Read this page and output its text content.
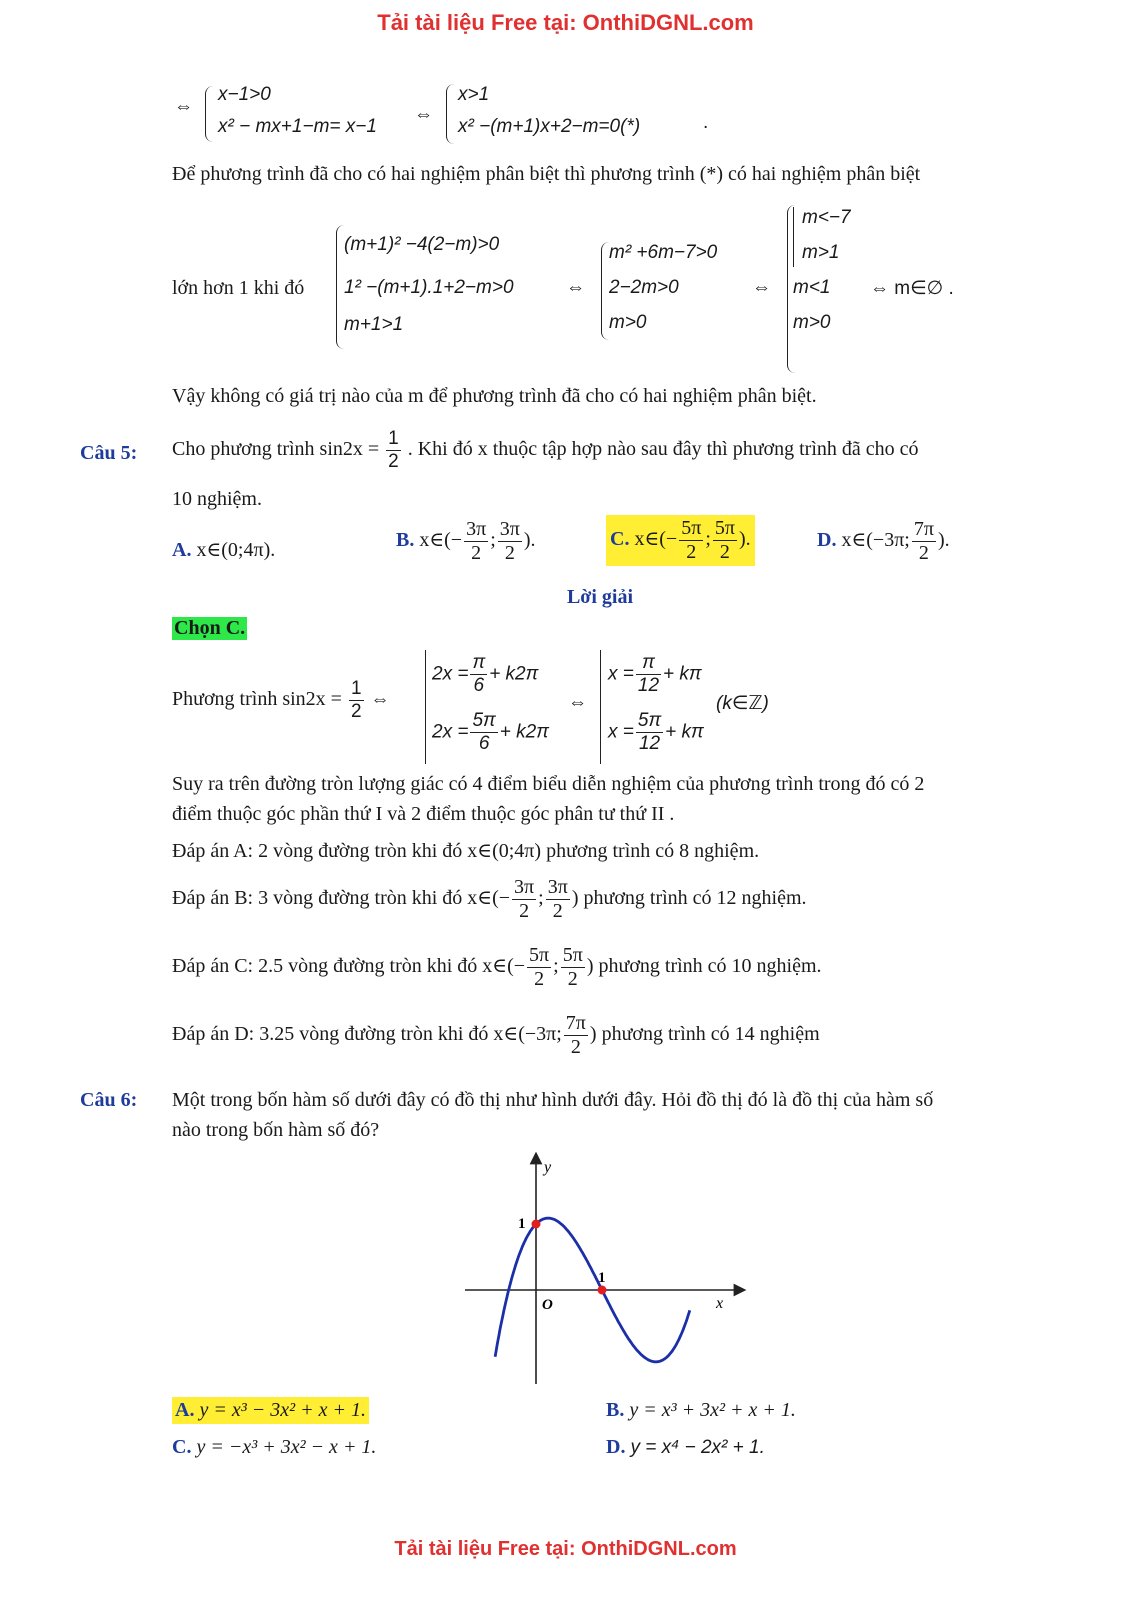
Tải tài liệu Free tại: OnthiDGNL.com
⇔
x−1>0
x² − mx+1−m= x−1
⇔
x>1
x² −(m+1)x+2−m=0(*)	.
Để phương trình đã cho có hai nghiệm phân biệt thì phương trình (*) có hai nghiệm phân biệt
lớn hơn 1 khi đó
(m+1)² −4(2−m)>0
1² −(m+1).1+2−m>0
m+1>1
⇔
m² +6m−7>0
2−2m>0
m>0
⇔
m<−7
m>1
m<1
m>0
⇔ m∈∅ .
Vậy không có giá trị nào của m để phương trình đã cho có hai nghiệm phân biệt.
Câu 5: Cho phương trình $\sin 2x = \frac{1}{2}$ . Khi đó x thuộc tập hợp nào sau đây thì phương trình đã cho có
10 nghiệm.
A. x∈(0;4π).	B. x∈(− $\frac{3\pi}{2}$ ; $\frac{3\pi}{2}$ ).	C. x∈(− $\frac{5\pi}{2}$ ; $\frac{5\pi}{2}$ ).	D. x∈(−3π; $\frac{7\pi}{2}$ ).
Lời giải
Chọn C.
Phương trình $\sin 2x = \frac{1}{2}$ ⇔
$2x = \frac{\pi}{6} + k2\pi$
$2x = \frac{5\pi}{6} + k2\pi$
⇔
$x = \frac{\pi}{12} + k\pi$
$x = \frac{5\pi}{12} + k\pi$
(k∈ℤ)
Suy ra trên đường tròn lượng giác có 4 điểm biểu diễn nghiệm của phương trình trong đó có 2
điểm thuộc góc phần thứ I và 2 điểm thuộc góc phân tư thứ II .
Đáp án A: 2 vòng đường tròn khi đó x∈(0;4π) phương trình có 8 nghiệm.
Đáp án B: 3 vòng đường tròn khi đó x∈(− $\frac{3\pi}{2}$ ; $\frac{3\pi}{2}$ ) phương trình có 12 nghiệm.
Đáp án C: 2.5 vòng đường tròn khi đó x∈(− $\frac{5\pi}{2}$ ; $\frac{5\pi}{2}$ ) phương trình có 10 nghiệm.
Đáp án D: 3.25 vòng đường tròn khi đó x∈(−3π; $\frac{7\pi}{2}$ ) phương trình có 14 nghiệm
Câu 6: Một trong bốn hàm số dưới đây có đồ thị như hình dưới đây. Hỏi đồ thị đó là đồ thị của hàm số
nào trong bốn hàm số đó?
y
x
O
1
1
A. y = x³ − 3x² + x + 1.	B. y = x³ + 3x² + x + 1.
C. y = −x³ + 3x² − x + 1.	D. y = x⁴ − 2x² + 1.
Tải tài liệu Free tại: OnthiDGNL.com
